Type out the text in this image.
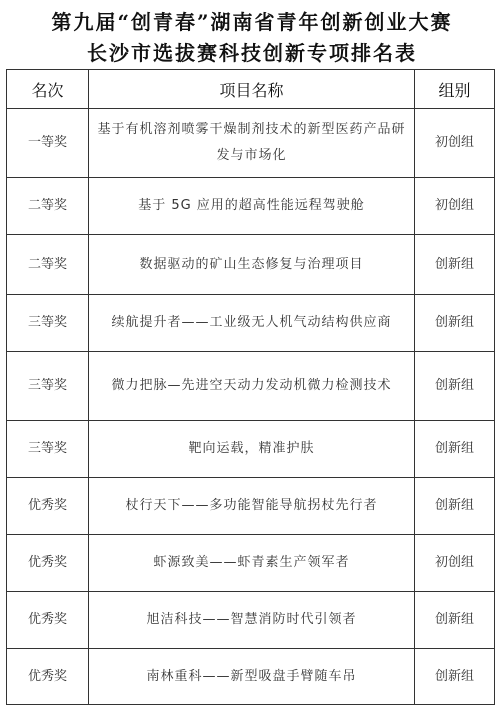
第九届“创青春”湖南省青年创新创业大赛
长沙市选拔赛科技创新专项排名表
名次	项目名称	组别
一等奖	基于有机溶剂喷雾干燥制剂技术的新型医药产品研发与市场化	初创组
二等奖	基于 5G 应用的超高性能远程驾驶舱	初创组
二等奖	数据驱动的矿山生态修复与治理项目	创新组
三等奖	续航提升者——工业级无人机气动结构供应商	创新组
三等奖	微力把脉—先进空天动力发动机微力检测技术	创新组
三等奖	靶向运载，精准护肤	创新组
优秀奖	杖行天下——多功能智能导航拐杖先行者	创新组
优秀奖	虾源致美——虾青素生产领军者	初创组
优秀奖	旭洁科技——智慧消防时代引领者	创新组
优秀奖	南林重科——新型吸盘手臂随车吊	创新组
